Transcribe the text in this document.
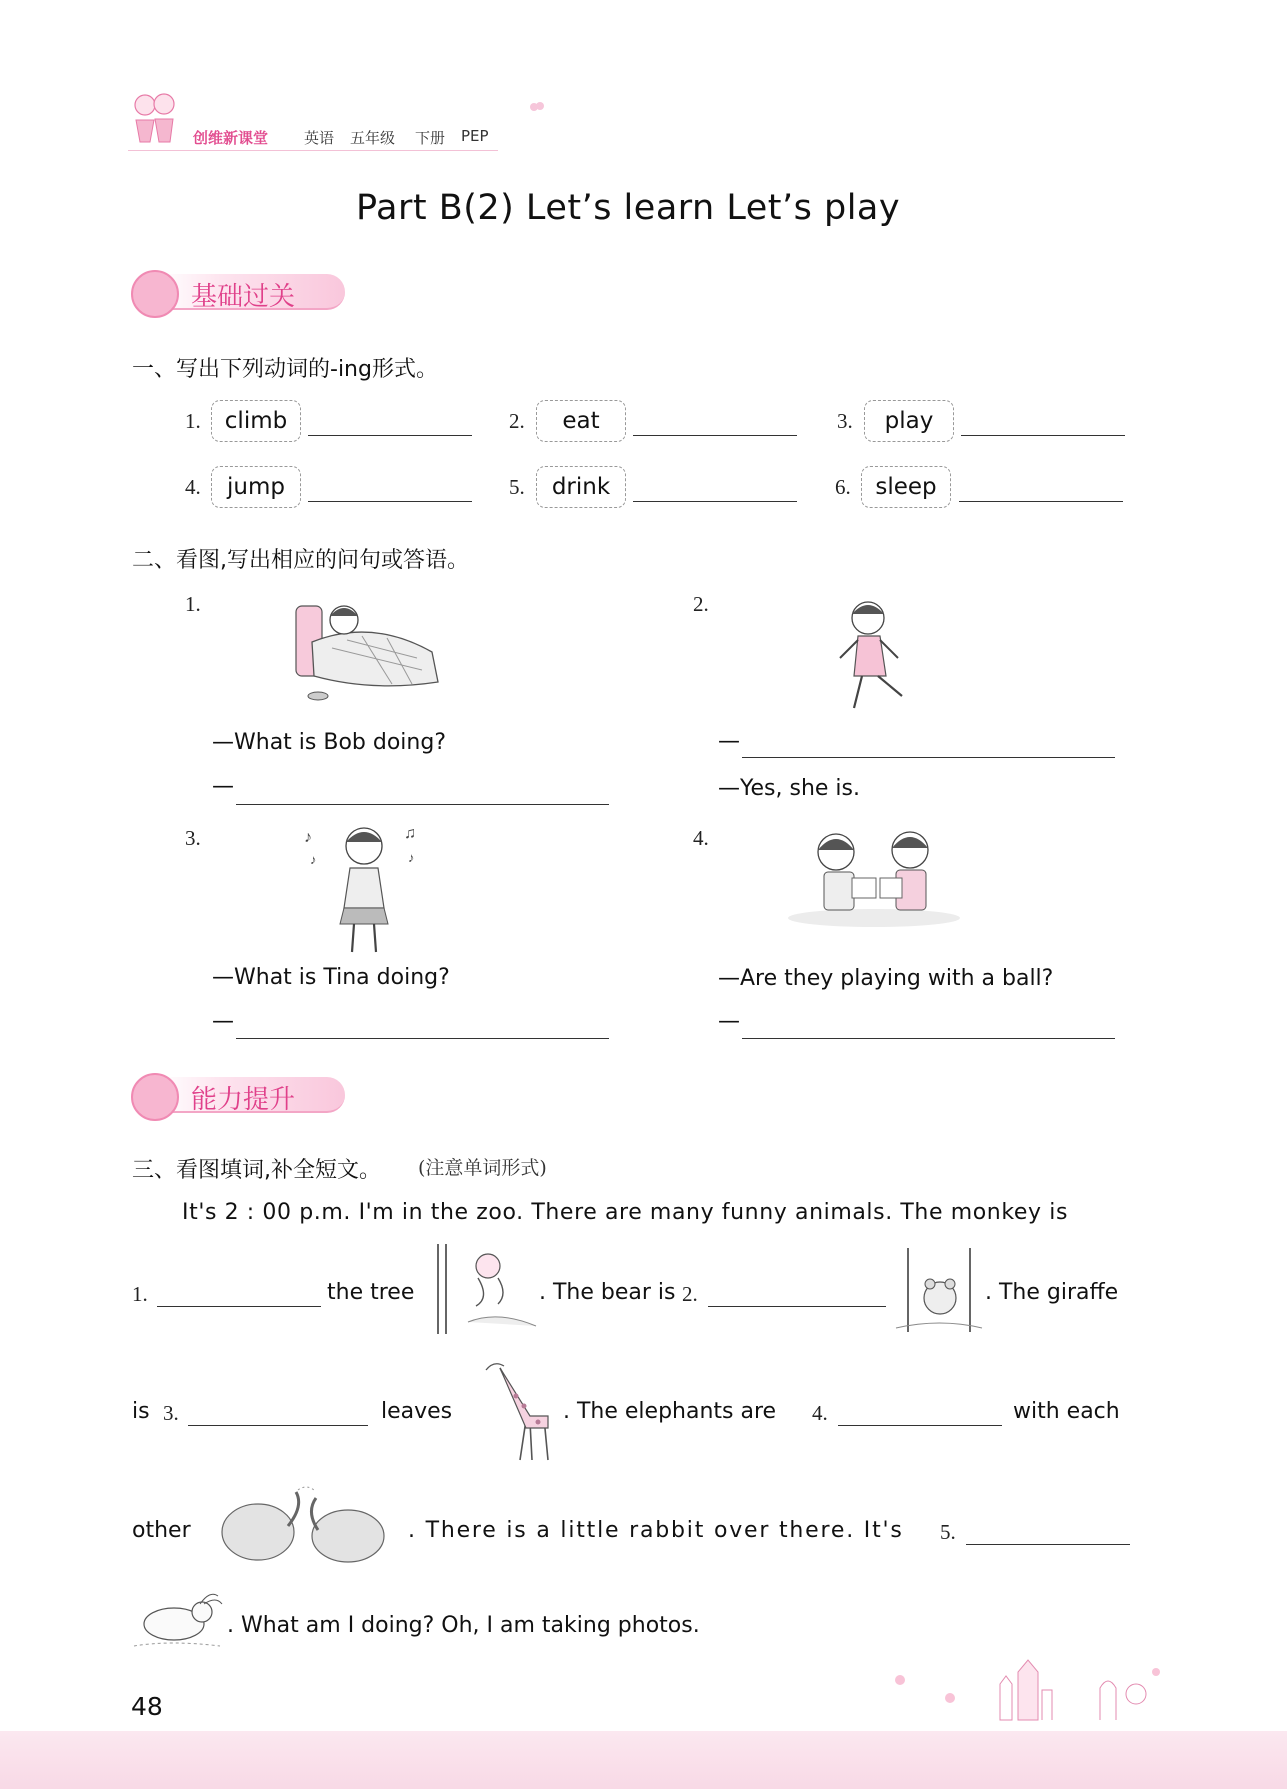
创维新课堂 英语 五年级 下册 PEP
Part B(2) Let’s learn Let’s play
基础过关
一、写出下列动词的-ing形式。
1.	climb	2.	eat	3.	play
4.	jump	5.	drink	6.	sleep
二、看图,写出相应的问句或答语。
1.
—What is Bob doing?
—
2.
—
—Yes, she is.
3.	♪	♫
♪	♪
—What is Tina doing?
—
4.
—Are they playing with a ball?
—
能力提升
三、看图填词,补全短文。 (注意单词形式)
It's 2 : 00 p.m. I'm in the zoo. There are many funny animals. The monkey is
1.	the tree	. The bear is 2.	. The giraffe
is 3.	leaves	. The elephants are 4.	with each
other	. There is a little rabbit over there. It's 5.
. What am I doing? Oh, I am taking photos.
48
